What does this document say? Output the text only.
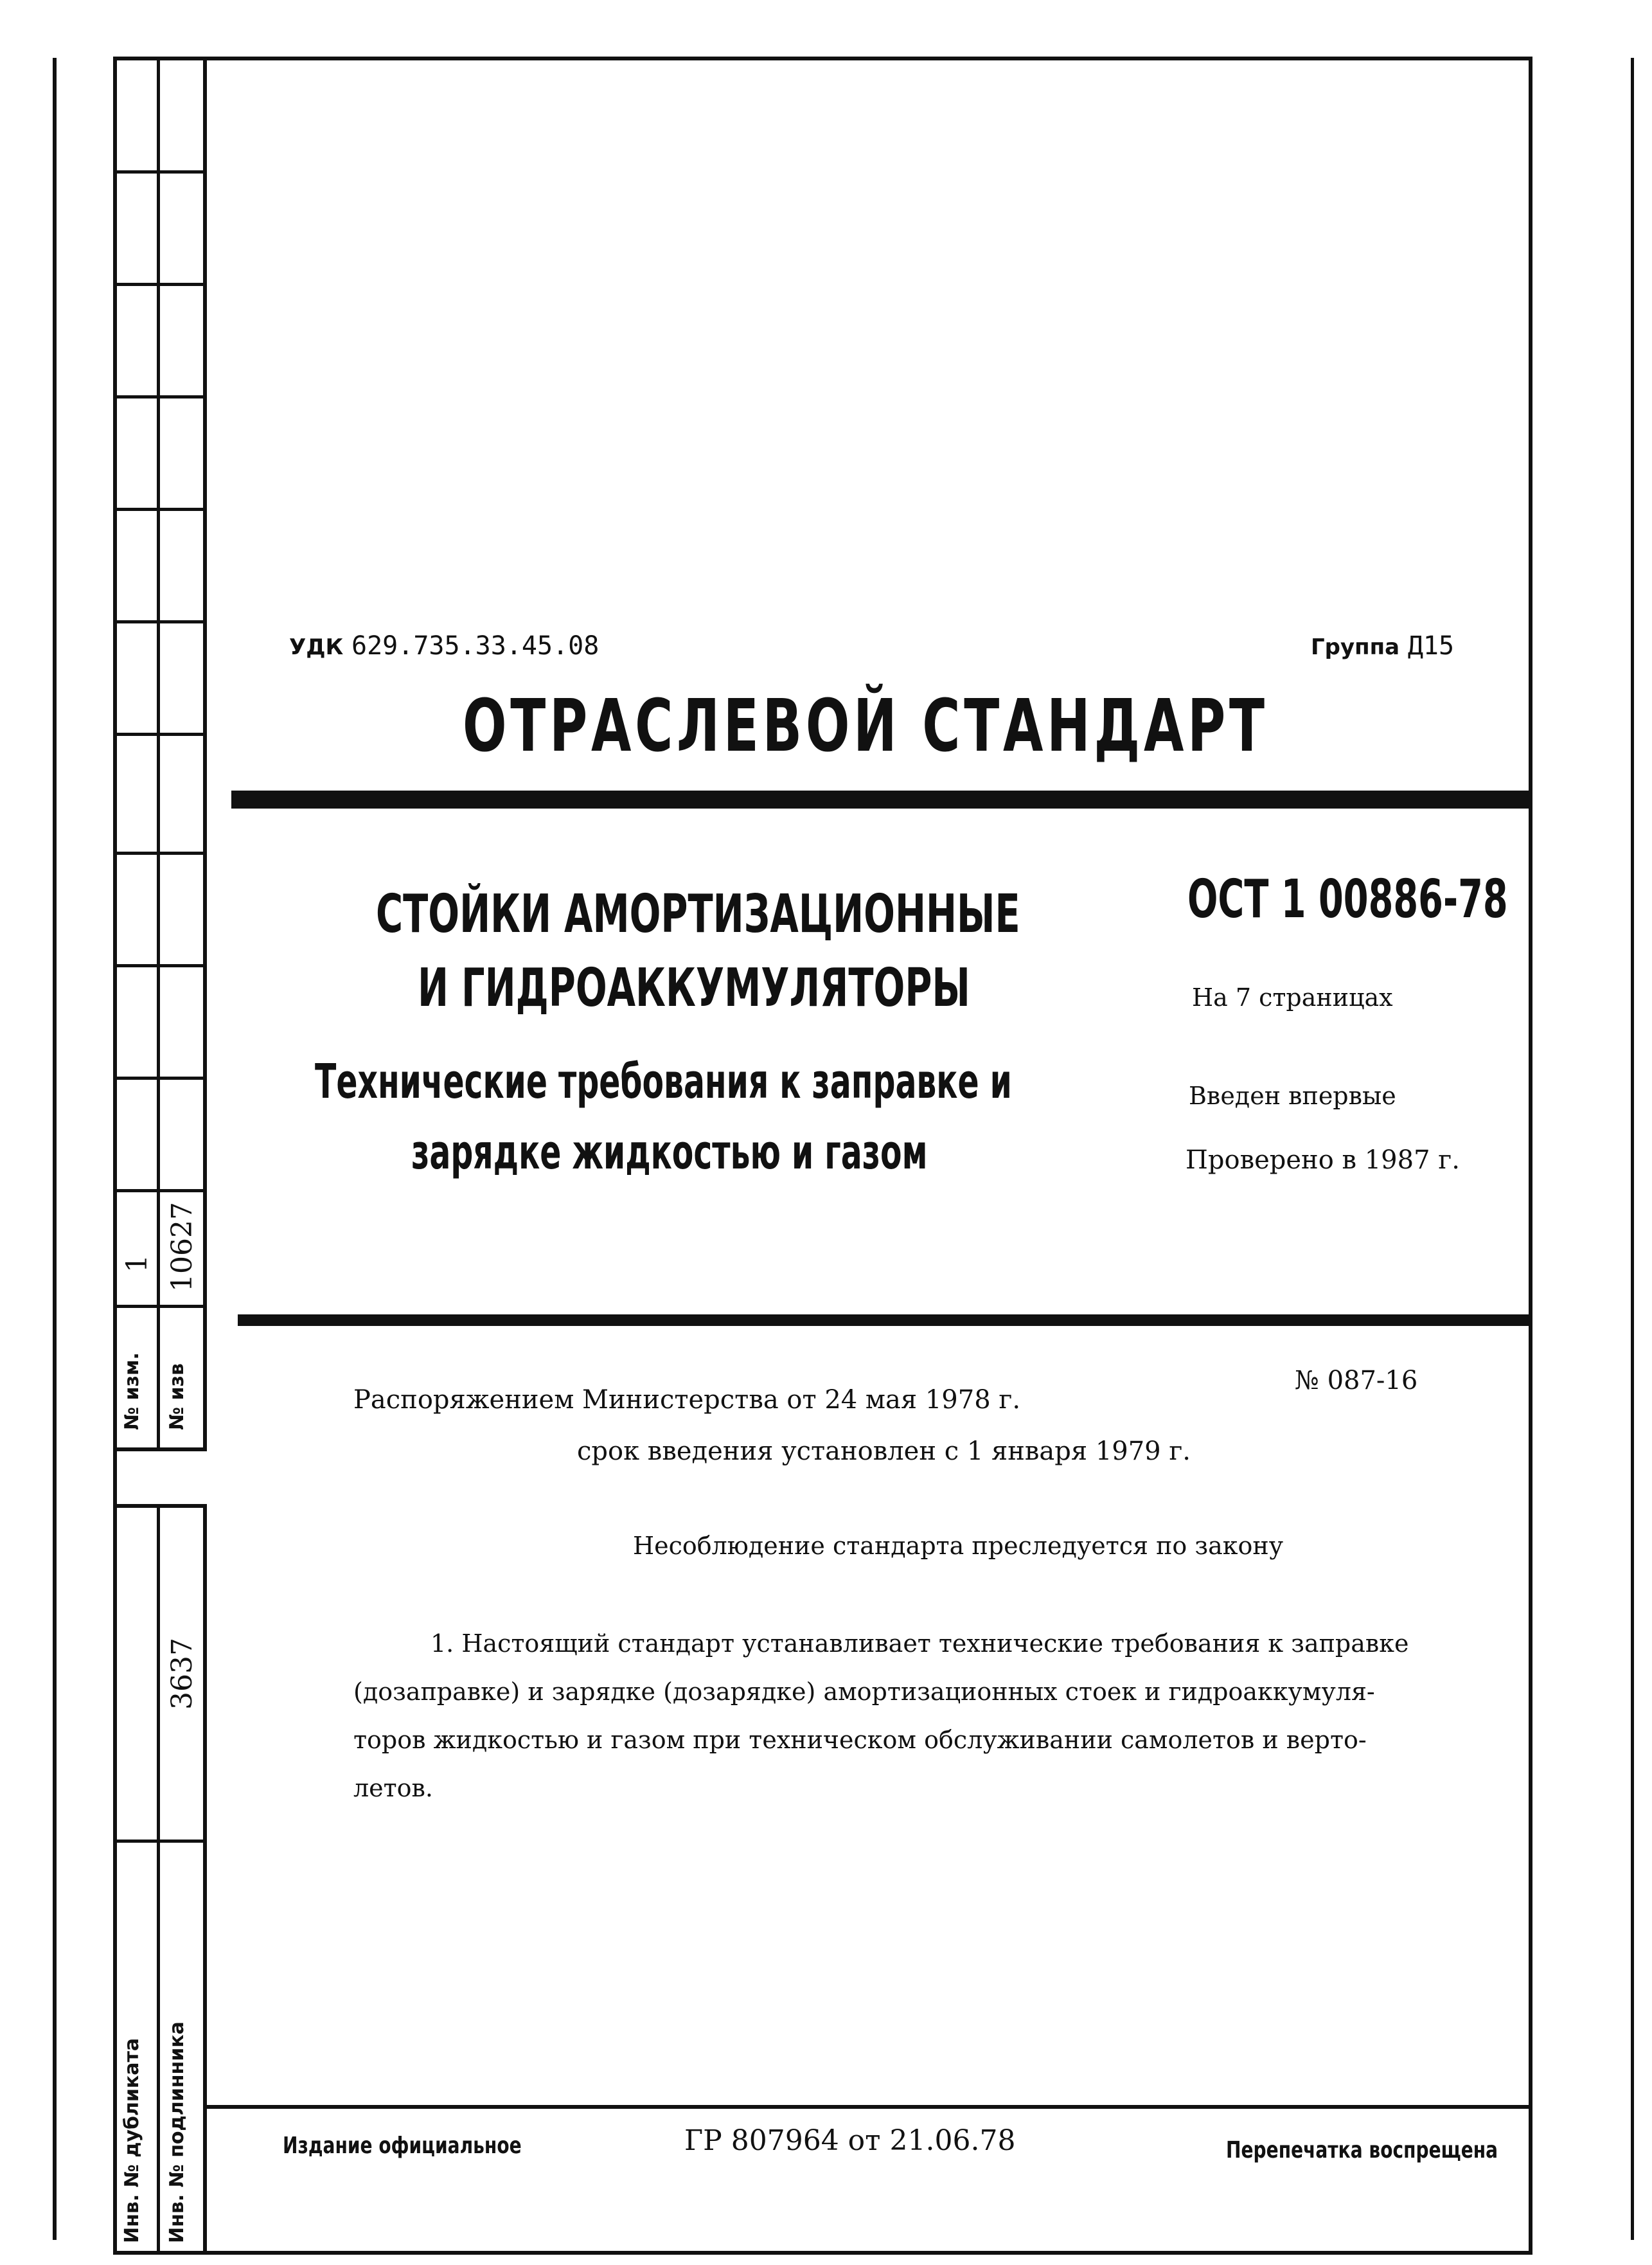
№ изм.
1
№ изв
10627
3637
Инв. № дубликата Инв. № подлинника
УДК 629.735.33.45.08	Группа Д15
ОТРАСЛЕВОЙ СТАНДАРТ
СТОЙКИ АМОРТИЗАЦИОННЫЕ
И ГИДРОАККУМУЛЯТОРЫ
Технические требования к заправке и
зарядке жидкостью и газом
ОСТ 1 00886-78
На 7 страницах
Введен впервые
Проверено в 1987 г.
Распоряжением Министерства от 24 мая 1978 г.
№ 087-16
срок введения установлен с 1 января 1979 г.
Несоблюдение стандарта преследуется по закону
1. Настоящий стандарт устанавливает технические требования к заправке
(дозаправке) и зарядке (дозарядке) амортизационных стоек и гидроаккумуля-
торов жидкостью и газом при техническом обслуживании самолетов и верто-
летов.
Издание официальное	ГР 807964 от 21.06.78	Перепечатка воспрещена
